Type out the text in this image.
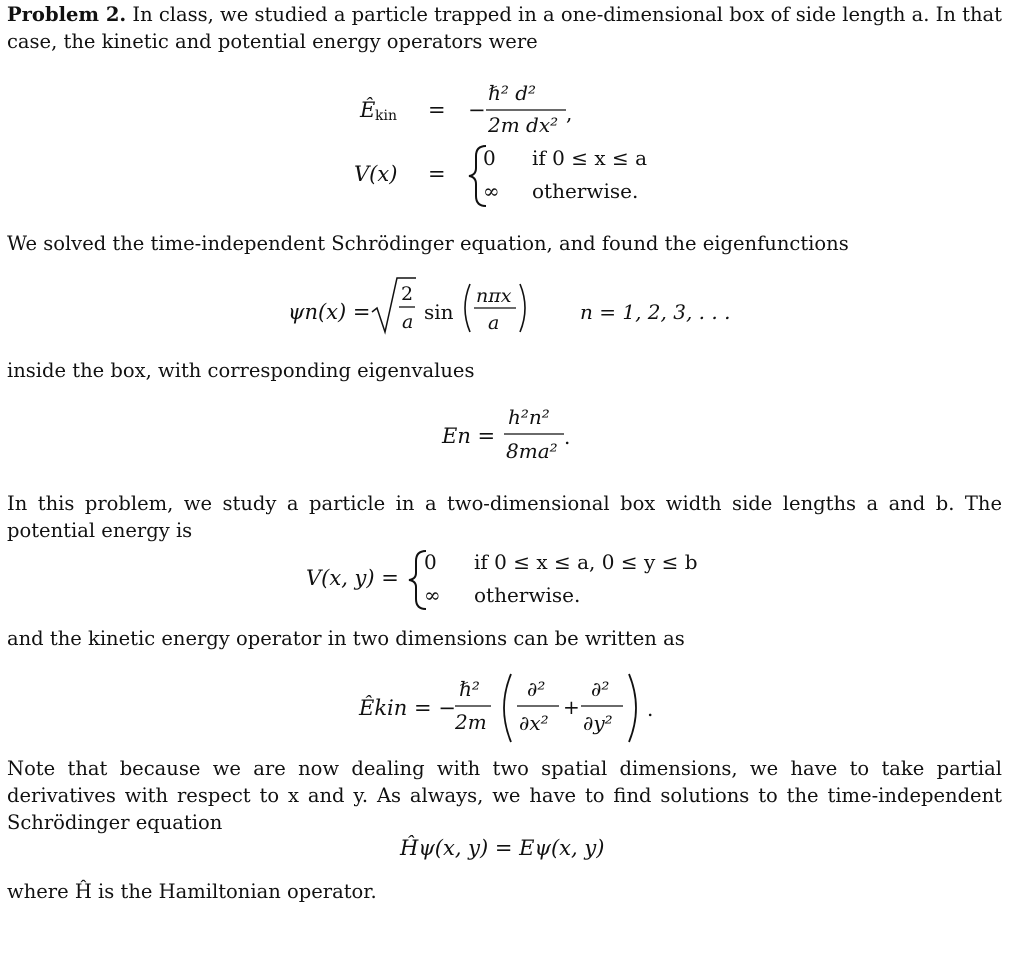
Problem 2. In class, we studied a particle trapped in a one-dimensional box of side length a. In that case, the kinetic and potential energy operators were
Ê kin = −
ℏ² d²
2m dx² ,
V(x) =
0 if 0 ≤ x ≤ a
∞ otherwise.
We solved the time-independent Schrödinger equation, and found the eigenfunctions
ψn(x) =
2
a sin
nπx
a	n = 1, 2, 3, . . .
inside the box, with corresponding eigenvalues
En =
h²n²
8ma²
.
In this problem, we study a particle in a two-dimensional box width side lengths a and b. The potential energy is
V(x, y) =
0 if 0 ≤ x ≤ a, 0 ≤ y ≤ b
∞ otherwise.
and the kinetic energy operator in two dimensions can be written as
Êkin = −
ℏ²
2m
∂²
∂x²
+
∂²
∂y²
.
Note that because we are now dealing with two spatial dimensions, we have to take partial derivatives with respect to x and y. As always, we have to find solutions to the time-independent Schrödinger equation
Ĥψ(x, y) = Eψ(x, y)
where Ĥ is the Hamiltonian operator.
